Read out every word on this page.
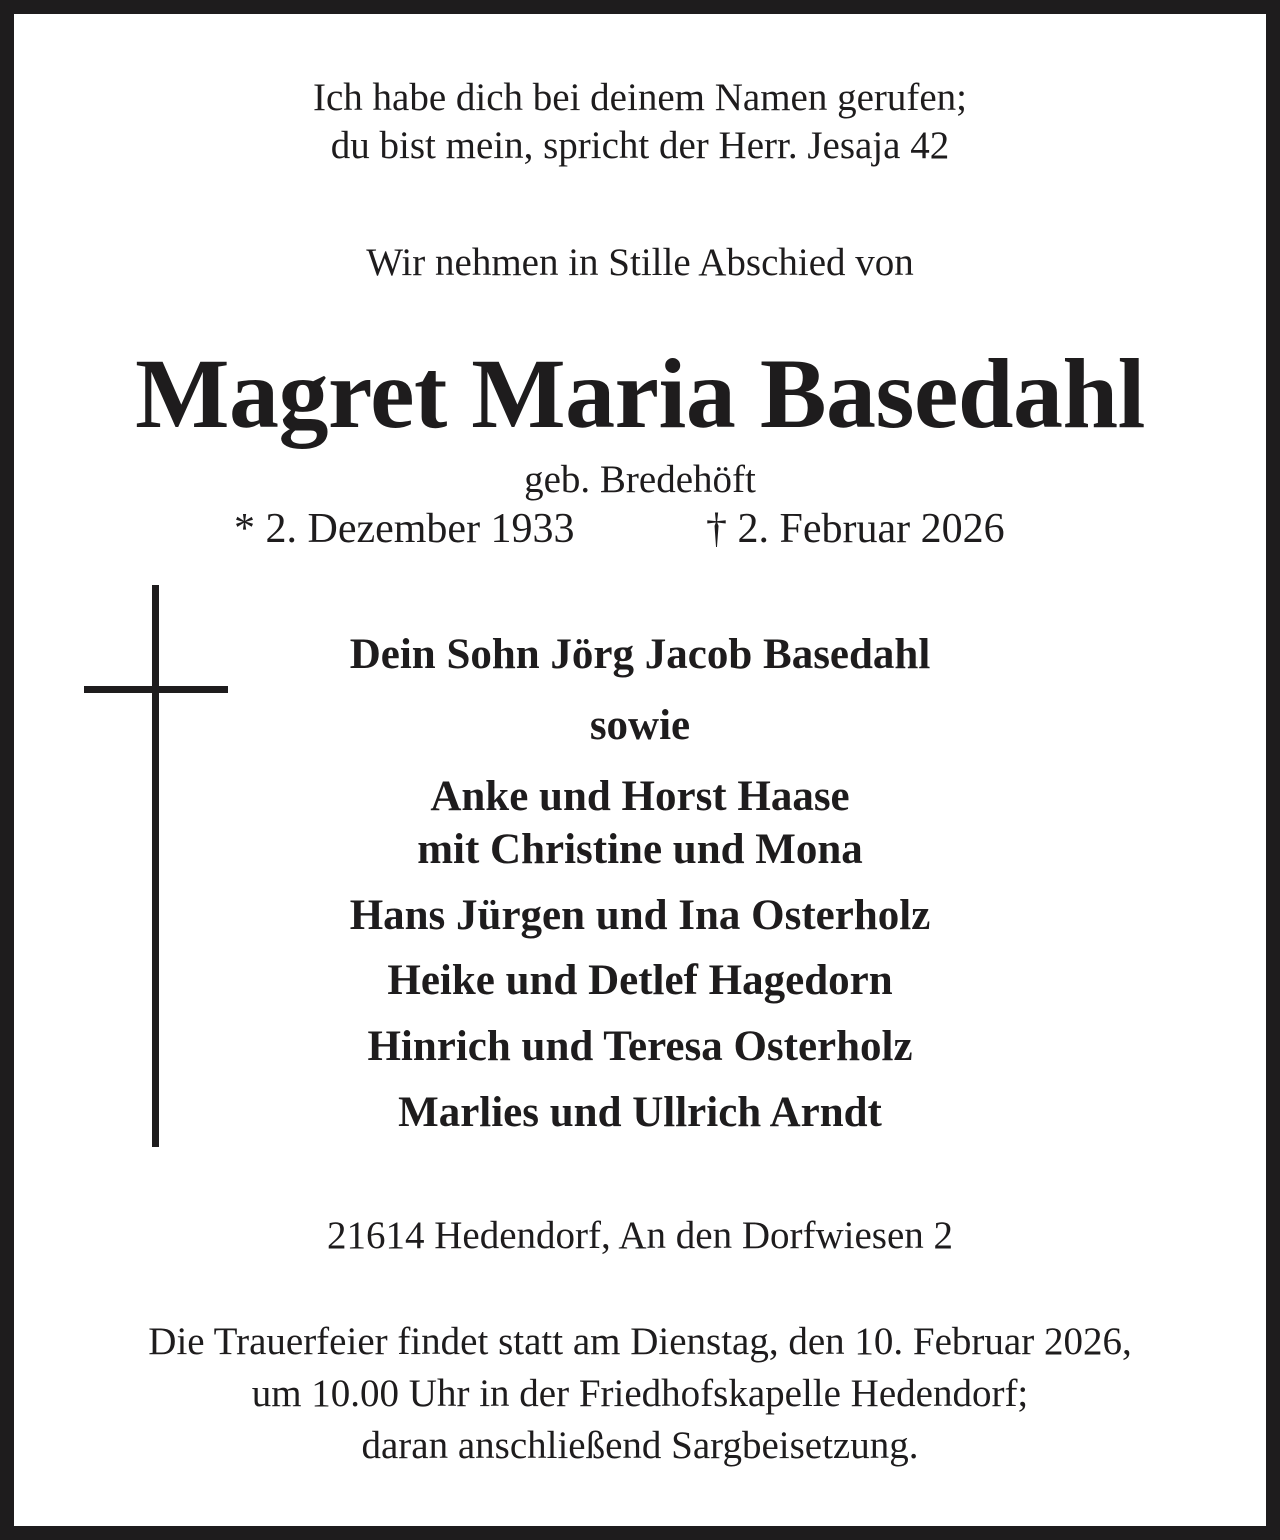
Ich habe dich bei deinem Namen gerufen;
du bist mein, spricht der Herr. Jesaja 42
Wir nehmen in Stille Abschied von
Magret Maria Basedahl
geb. Bredehöft
* 2. Dezember 1933	† 2. Februar 2026
Dein Sohn Jörg Jacob Basedahl
sowie
Anke und Horst Haase
mit Christine und Mona
Hans Jürgen und Ina Osterholz
Heike und Detlef Hagedorn
Hinrich und Teresa Osterholz
Marlies und Ullrich Arndt
21614 Hedendorf, An den Dorfwiesen 2
Die Trauerfeier findet statt am Dienstag, den 10. Februar 2026,
um 10.00 Uhr in der Friedhofskapelle Hedendorf;
daran anschließend Sargbeisetzung.
